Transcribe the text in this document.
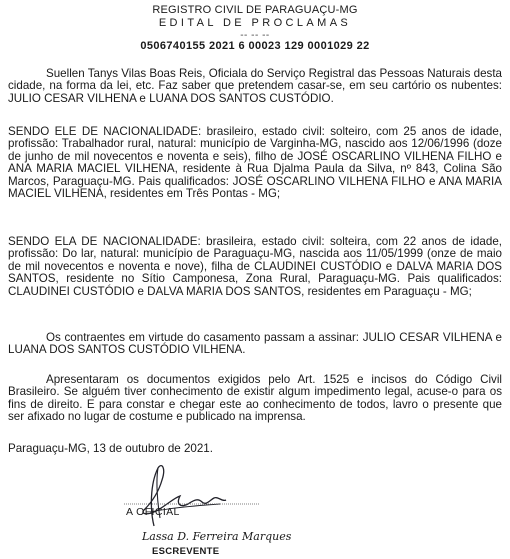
REGISTRO CIVIL DE PARAGUAÇU-MG
EDITAL DE PROCLAMAS
-- -- --
0506740155 2021 6 00023 129 0001029 22

Suellen Tanys Vilas Boas Reis, Oficiala do Serviço Registral das Pessoas Naturais desta cidade, na forma da lei, etc. Faz saber que pretendem casar-se, em seu cartório os nubentes: JULIO CESAR VILHENA e LUANA DOS SANTOS CUSTÓDIO.

SENDO ELE DE NACIONALIDADE: brasileiro, estado civil: solteiro, com 25 anos de idade, profissão: Trabalhador rural, natural: município de Varginha-MG, nascido aos 12/06/1996 (doze de junho de mil novecentos e noventa e seis), filho de JOSÉ OSCARLINO VILHENA FILHO e ANA MARIA MACIEL VILHENA, residente à Rua Djalma Paula da Silva, nº 843, Colina São Marcos, Paraguaçu-MG. Pais qualificados: JOSÉ OSCARLINO VILHENA FILHO e ANA MARIA MACIEL VILHENA, residentes em Três Pontas - MG;

SENDO ELA DE NACIONALIDADE: brasileira, estado civil: solteira, com 22 anos de idade, profissão: Do lar, natural: município de Paraguaçu-MG, nascida aos 11/05/1999 (onze de maio de mil novecentos e noventa e nove), filha de CLAUDINEI CUSTÓDIO e DALVA MARIA DOS SANTOS, residente no Sítio Camponesa, Zona Rural, Paraguaçu-MG. Pais qualificados: CLAUDINEI CUSTÓDIO e DALVA MARIA DOS SANTOS, residentes em Paraguaçu - MG;

Os contraentes em virtude do casamento passam a assinar: JULIO CESAR VILHENA e LUANA DOS SANTOS CUSTÓDIO VILHENA.

Apresentaram os documentos exigidos pelo Art. 1525 e incisos do Código Civil Brasileiro. Se alguém tiver conhecimento de existir algum impedimento legal, acuse-o para os fins de direito. E para constar e chegar este ao conhecimento de todos, lavro o presente que ser afixado no lugar de costume e publicado na imprensa.

Paraguaçu-MG, 13 de outubro de 2021.

A OFICIAL
Lassa D. Ferreira Marques
ESCREVENTE
